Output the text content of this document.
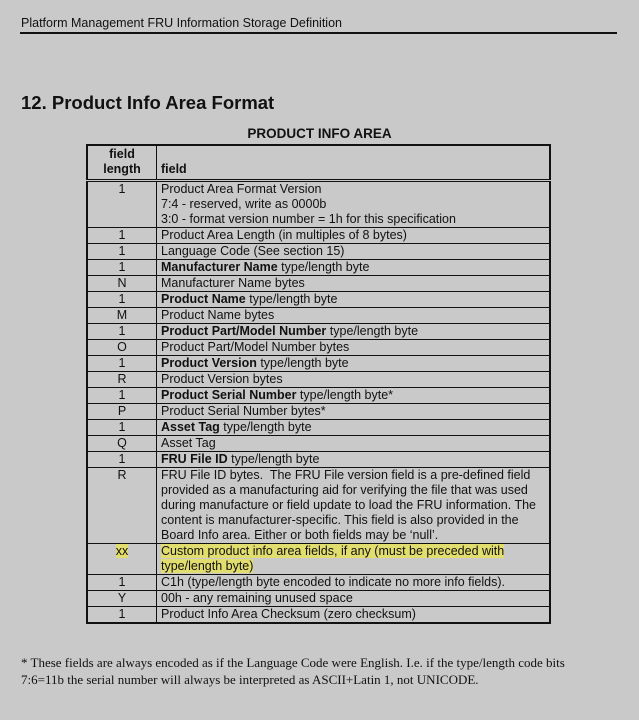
Platform Management FRU Information Storage Definition
12. Product Info Area Format
PRODUCT INFO AREA
field length	field
1	Product Area Format Version
7:4 - reserved, write as 0000b
3:0 - format version number = 1h for this specification

1	Product Area Length (in multiples of 8 bytes)

1	Language Code (See section 15)

1	Manufacturer Name type/length byte

N	Manufacturer Name bytes

1	Product Name type/length byte

M	Product Name bytes

1	Product Part/Model Number type/length byte

O	Product Part/Model Number bytes

1	Product Version type/length byte

R	Product Version bytes

1	Product Serial Number type/length byte*

P	Product Serial Number bytes*

1	Asset Tag type/length byte

Q	Asset Tag

1	FRU File ID type/length byte

R	FRU File ID bytes.  The FRU File version field is a pre-defined field
provided as a manufacturing aid for verifying the file that was used
during manufacture or field update to load the FRU information. The
content is manufacturer-specific. This field is also provided in the
Board Info area. Either or both fields may be ‘null’.

xx	Custom product info area fields, if any (must be preceded with
type/length byte)

1	C1h (type/length byte encoded to indicate no more info fields).

Y	00h - any remaining unused space

1	Product Info Area Checksum (zero checksum)
* These fields are always encoded as if the Language Code were English. I.e. if the type/length code bits
7:6=11b the serial number will always be interpreted as ASCII+Latin 1, not UNICODE.
